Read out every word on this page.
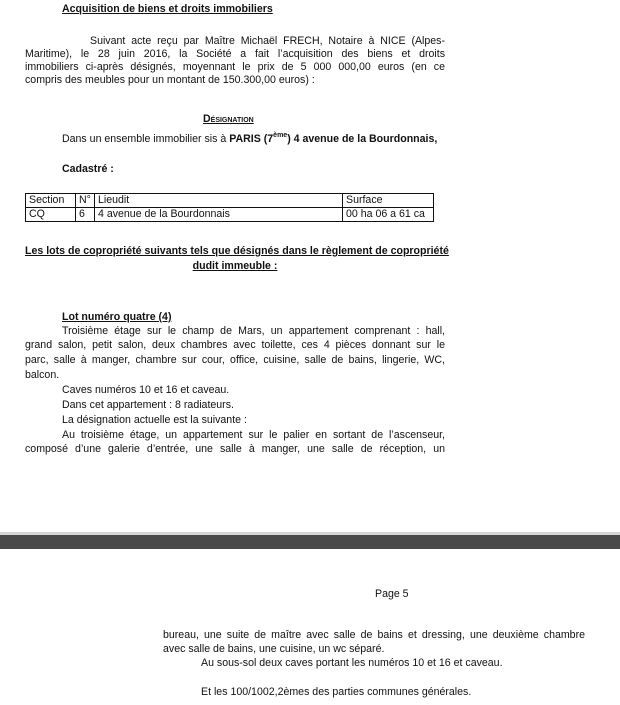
Acquisition de biens et droits immobiliers
Suivant acte reçu par Maître Michaël FRECH, Notaire à NICE (Alpes-
Maritime), le 28 juin 2016, la Société a fait l’acquisition des biens et droits
immobiliers ci-après désignés, moyennant le prix de 5 000 000,00 euros (en ce
compris des meubles pour un montant de 150.300,00 euros) :
Désignation
Dans un ensemble immobilier sis à PARIS (7ème) 4 avenue de la Bourdonnais,
Cadastré :
Section	N°	Lieudit	Surface
CQ	6	4 avenue de la Bourdonnais	00 ha 06 a 61 ca
Les lots de copropriété suivants tels que désignés dans le règlement de copropriété
dudit immeuble :
Lot numéro quatre (4)
Troisième étage sur le champ de Mars, un appartement comprenant : hall,
grand salon, petit salon, deux chambres avec toilette, ces 4 pièces donnant sur le
parc, salle à manger, chambre sur cour, office, cuisine, salle de bains, lingerie, WC,
balcon.
Caves numéros 10 et 16 et caveau.
Dans cet appartement : 8 radiateurs.
La désignation actuelle est la suivante :
Au troisième étage, un appartement sur le palier en sortant de l’ascenseur,
composé d’une galerie d’entrée, une salle à manger, une salle de réception, un
Page 5
bureau, une suite de maître avec salle de bains et dressing, une deuxième chambre
avec salle de bains, une cuisine, un wc séparé.
Au sous-sol deux caves portant les numéros 10 et 16 et caveau.
Et les 100/1002,2èmes des parties communes générales.
